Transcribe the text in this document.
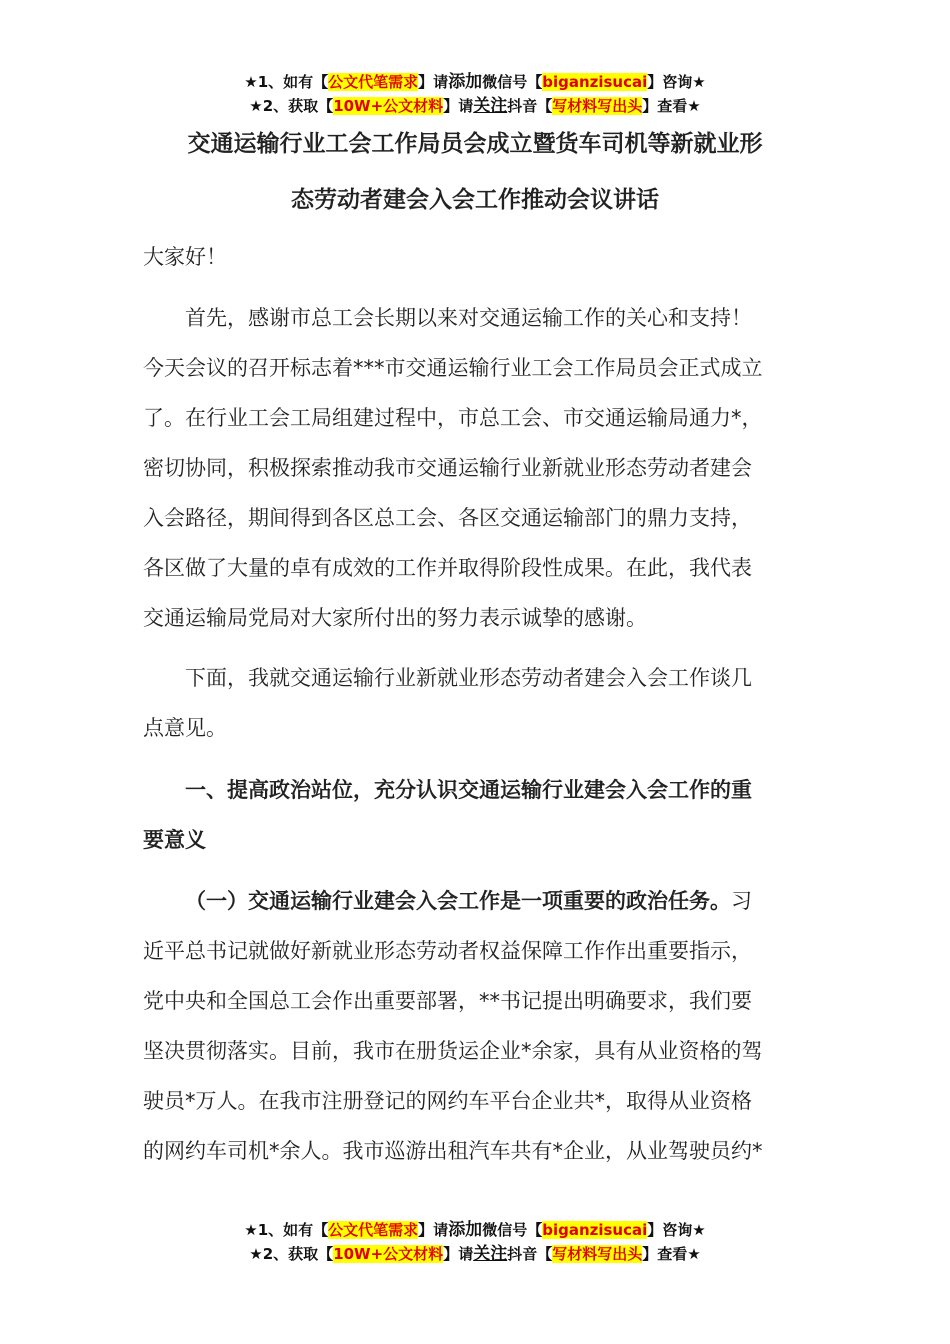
★1、如有【公文代笔需求】请添加微信号【biganzisucai】咨询★
★2、获取【10W+公文材料】请关注抖音【写材料写出头】查看★
交通运输行业工会工作局员会成立暨货车司机等新就业形
态劳动者建会入会工作推动会议讲话
大家好！
首先，感谢市总工会长期以来对交通运输工作的关心和支持！
今天会议的召开标志着***市交通运输行业工会工作局员会正式成立
了。在行业工会工局组建过程中，市总工会、市交通运输局通力*，
密切协同，积极探索推动我市交通运输行业新就业形态劳动者建会
入会路径，期间得到各区总工会、各区交通运输部门的鼎力支持，
各区做了大量的卓有成效的工作并取得阶段性成果。在此，我代表
交通运输局党局对大家所付出的努力表示诚挚的感谢。
下面，我就交通运输行业新就业形态劳动者建会入会工作谈几
点意见。
一、提高政治站位，充分认识交通运输行业建会入会工作的重
要意义
（一）交通运输行业建会入会工作是一项重要的政治任务。习
近平总书记就做好新就业形态劳动者权益保障工作作出重要指示，
党中央和全国总工会作出重要部署，**书记提出明确要求，我们要
坚决贯彻落实。目前，我市在册货运企业*余家，具有从业资格的驾
驶员*万人。在我市注册登记的网约车平台企业共*，取得从业资格
的网约车司机*余人。我市巡游出租汽车共有*企业，从业驾驶员约*
★1、如有【公文代笔需求】请添加微信号【biganzisucai】咨询★
★2、获取【10W+公文材料】请关注抖音【写材料写出头】查看★
